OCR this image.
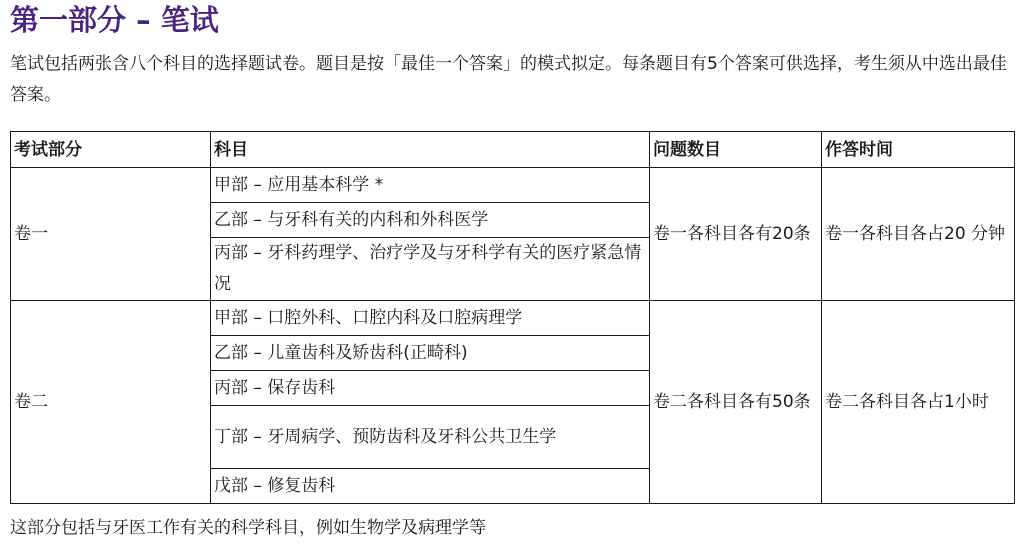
第一部分 – 笔试

笔试包括两张含八个科目的选择题试卷。题目是按「最佳一个答案」的模式拟定。每条题目有5个答案可供选择，考生须从中选出最佳答案。

考试部分	科目	问题数目	作答时间
卷一	甲部 – 应用基本科学 *	卷一各科目各有20条	卷一各科目各占20 分钟
	乙部 – 与牙科有关的内科和外科医学		
	丙部 – 牙科药理学、治疗学及与牙科学有关的医疗紧急情况		
卷二	甲部 – 口腔外科、口腔内科及口腔病理学	卷二各科目各有50条	卷二各科目各占1小时
	乙部 – 儿童齿科及矫齿科(正畸科)		
	丙部 – 保存齿科		
	丁部 – 牙周病学、预防齿科及牙科公共卫生学		
	戊部 – 修复齿科		

这部分包括与牙医工作有关的科学科目，例如生物学及病理学等
